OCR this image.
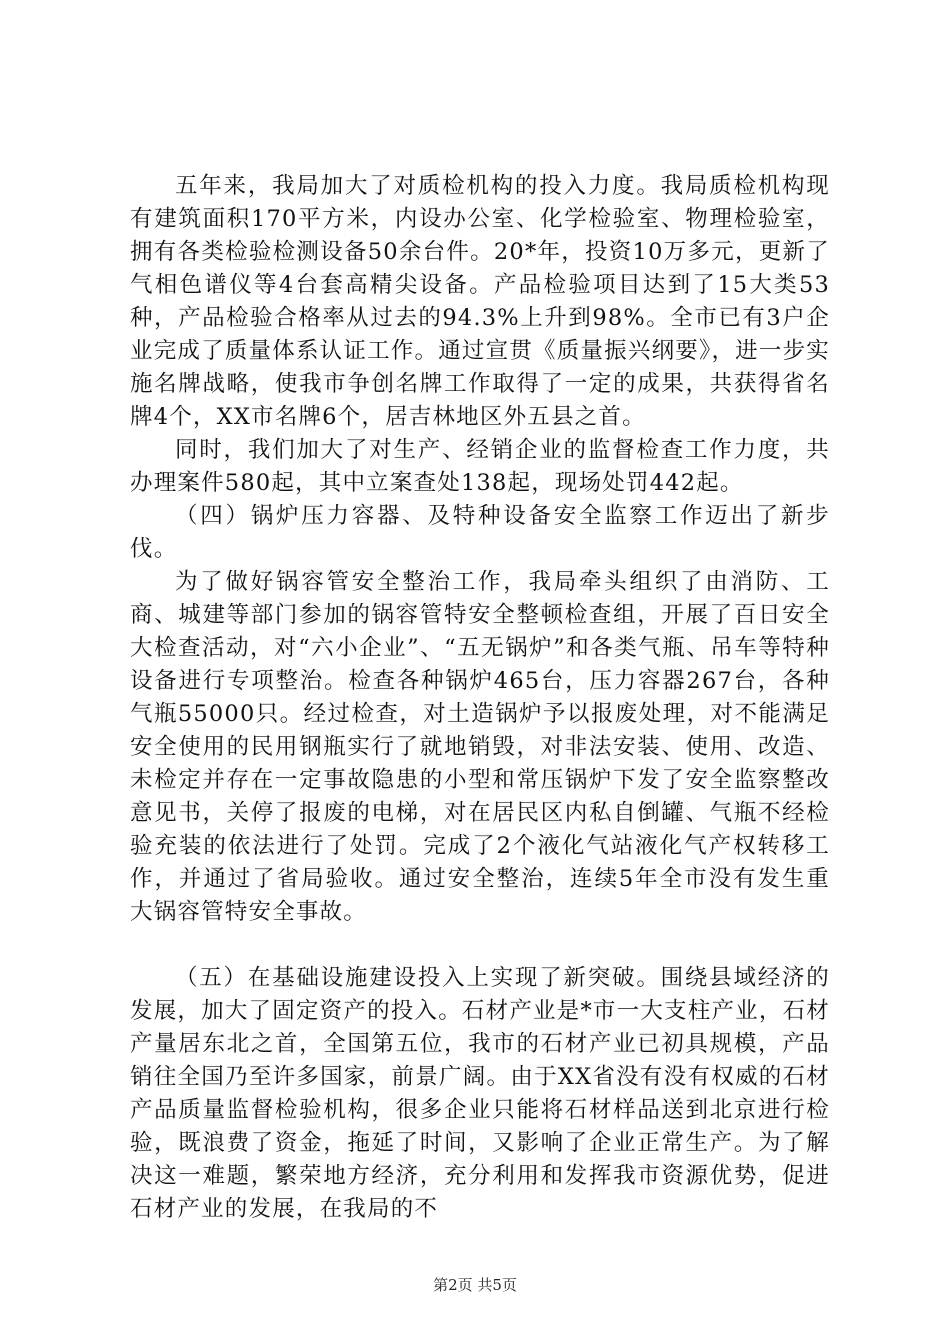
五年来，我局加大了对质检机构的投入力度。我局质检机构现有建筑面积170平方米，内设办公室、化学检验室、物理检验室，拥有各类检验检测设备50余台件。20*年，投资10万多元，更新了气相色谱仪等4台套高精尖设备。产品检验项目达到了15大类53种，产品检验合格率从过去的94.3%上升到98%。全市已有3户企业完成了质量体系认证工作。通过宣贯《质量振兴纲要》，进一步实施名牌战略，使我市争创名牌工作取得了一定的成果，共获得省名牌4个，XX市名牌6个，居吉林地区外五县之首。

同时，我们加大了对生产、经销企业的监督检查工作力度，共办理案件580起，其中立案查处138起，现场处罚442起。

（四）锅炉压力容器、及特种设备安全监察工作迈出了新步伐。

为了做好锅容管安全整治工作，我局牵头组织了由消防、工商、城建等部门参加的锅容管特安全整顿检查组，开展了百日安全大检查活动，对“六小企业”、“五无锅炉”和各类气瓶、吊车等特种设备进行专项整治。检查各种锅炉465台，压力容器267台，各种气瓶55000只。经过检查，对土造锅炉予以报废处理，对不能满足安全使用的民用钢瓶实行了就地销毁，对非法安装、使用、改造、未检定并存在一定事故隐患的小型和常压锅炉下发了安全监察整改意见书，关停了报废的电梯，对在居民区内私自倒罐、气瓶不经检验充装的依法进行了处罚。完成了2个液化气站液化气产权转移工作，并通过了省局验收。通过安全整治，连续5年全市没有发生重大锅容管特安全事故。

（五）在基础设施建设投入上实现了新突破。围绕县域经济的发展，加大了固定资产的投入。石材产业是*市一大支柱产业，石材产量居东北之首，全国第五位，我市的石材产业已初具规模，产品销往全国乃至许多国家，前景广阔。由于XX省没有没有权威的石材产品质量监督检验机构，很多企业只能将石材样品送到北京进行检验，既浪费了资金，拖延了时间，又影响了企业正常生产。为了解决这一难题，繁荣地方经济，充分利用和发挥我市资源优势，促进石材产业的发展，在我局的不

第2页 共5页
